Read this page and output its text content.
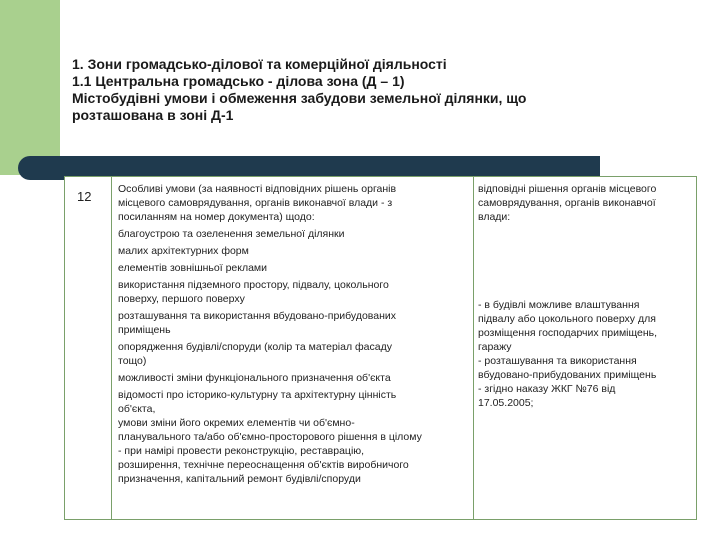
1. Зони громадсько-ділової та комерційної діяльності
1.1 Центральна громадсько - ділова зона (Д – 1)
Містобудівні умови і обмеження забудови земельної ділянки, що
розташована в зоні Д-1
12	Особливі умови (за наявності відповідних рішень органів
місцевого самоврядування, органів виконавчої влади - з
посиланням на номер документа) щодо:
благоустрою та озеленення земельної ділянки
малих архітектурних форм
елементів зовнішньої реклами
використання підземного простору, підвалу, цокольного
поверху, першого поверху
розташування та використання вбудовано-прибудованих
приміщень
опорядження будівлі/споруди (колір та матеріал фасаду
тощо)
можливості зміни функціонального призначення об'єкта
відомості про історико-культурну та архітектурну цінність
об'єкта,
умови зміни його окремих елементів чи об'ємно-
планувального та/або об'ємно-просторового рішення в цілому
- при намірі провести реконструкцію, реставрацію,
розширення, технічне переоснащення об'єктів виробничого
призначення, капітальний ремонт будівлі/споруди
відповідні рішення органів місцевого
самоврядування, органів виконавчої
влади:
- в будівлі можливе влаштування
підвалу або цокольного поверху для
розміщення господарчих приміщень,
гаражу
- розташування та використання
вбудовано-прибудованих приміщень
- згідно наказу ЖКГ №76 від
17.05.2005;
